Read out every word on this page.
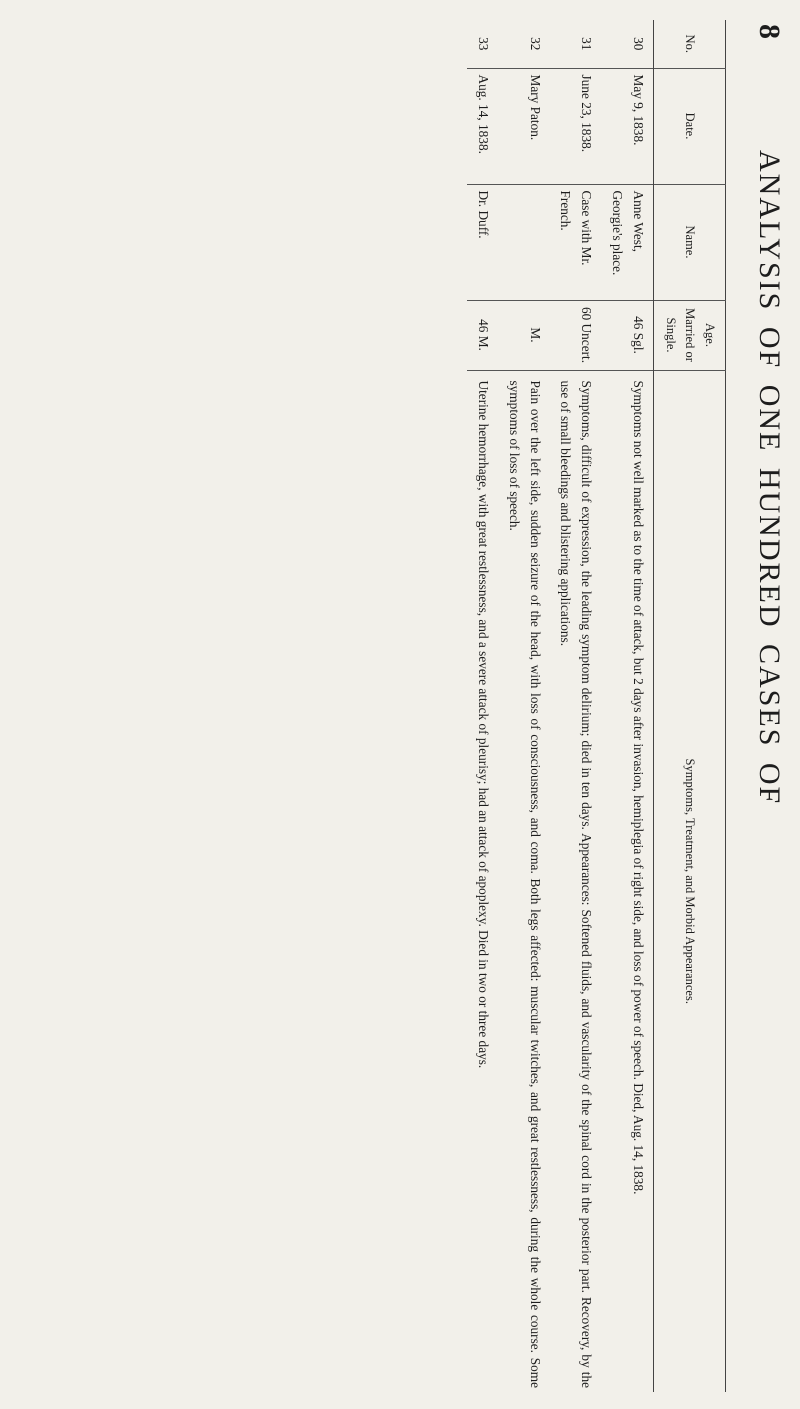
8
ANALYSIS OF ONE HUNDRED CASES OF
No.	Date.	Name.	Age. Married or Single.	Symptoms, Treatment, and Morbid Appearances.
30	May 9, 1838.	Anne West, Georgie's place.	46 Sgl.	Symptoms not well marked as to the time of attack, but 2 days after invasion, hemiplegia of right side, and loss of power of speech. Died, Aug. 14, 1838.
31	June 23, 1838.	Case with Mr. French.	60 Uncert.	Symptoms, difficult of expression, the leading symptom delirium; died in ten days. Appearances: Softened fluids, and vascularity of the spinal cord in the posterior part. Recovery, by the use of small bleedings and blistering applications.
32	Mary Paton.		M.	Pain over the left side, sudden seizure of the head, with loss of consciousness, and coma. Both legs affected: muscular twitches, and great restlessness, during the whole course. Some symptoms of loss of speech.
33	Aug. 14, 1838.	Dr. Duff.	46 M.	Uterine hemorrhage, with great restlessness, and a severe attack of pleurisy; had an attack of apoplexy. Died in two or three days.
